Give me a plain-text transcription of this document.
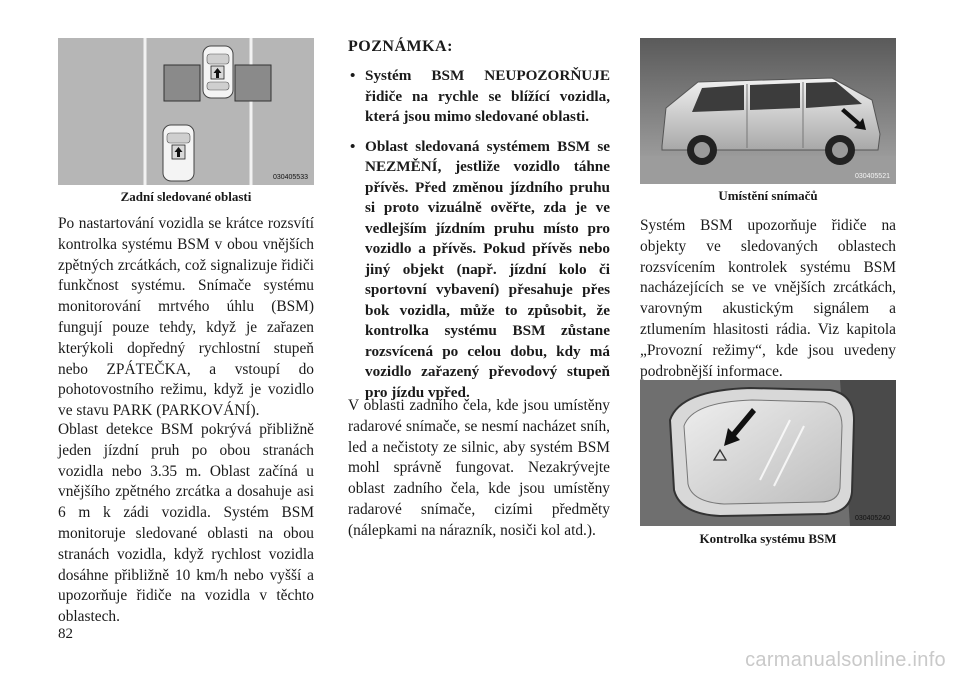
030405533
Zadní sledované oblasti

Po nastartování vozidla se krátce rozsvítí kontrolka systému BSM v obou vnějších zpětných zrcátkách, což signalizuje řidiči funkčnost systému. Snímače systému monitorování mrtvého úhlu (BSM) fungují pouze tehdy, když je zařazen kterýkoli dopředný rychlostní stupeň nebo ZPÁTEČKA, a vstoupí do pohotovostního režimu, když je vozidlo ve stavu PARK (PARKOVÁNÍ).

Oblast detekce BSM pokrývá přibližně jeden jízdní pruh po obou stranách vozidla nebo 3.35 m. Oblast začíná u vnějšího zpětného zrcátka a dosahuje asi 6 m k zádi vozidla. Systém BSM monitoruje sledované oblasti na obou stranách vozidla, když rychlost vozidla dosáhne přibližně 10 km/h nebo vyšší a upozorňuje řidiče na vozidla v těchto oblastech.

POZNÁMKA:
• Systém BSM NEUPOZORŇUJE řidiče na rychle se blížící vozidla, která jsou mimo sledované oblasti.
• Oblast sledovaná systémem BSM se NEZMĚNÍ, jestliže vozidlo táhne přívěs. Před změnou jízdního pruhu si proto vizuálně ověřte, zda je ve vedlejším jízdním pruhu místo pro vozidlo a přívěs. Pokud přívěs nebo jiný objekt (např. jízdní kolo či sportovní vybavení) přesahuje přes bok vozidla, může to způsobit, že kontrolka systému BSM zůstane rozsvícená po celou dobu, kdy má vozidlo zařazený převodový stupeň pro jízdu vpřed.

V oblasti zadního čela, kde jsou umístěny radarové snímače, se nesmí nacházet sníh, led a nečistoty ze silnic, aby systém BSM mohl správně fungovat. Nezakrývejte oblast zadního čela, kde jsou umístěny radarové snímače, cizími předměty (nálepkami na nárazník, nosiči kol atd.).

030405521
Umístění snímačů

Systém BSM upozorňuje řidiče na objekty ve sledovaných oblastech rozsvícením kontrolek systému BSM nacházejících se ve vnějších zrcátkách, varovným akustickým signálem a ztlumením hlasitosti rádia. Viz kapitola „Provozní režimy“, kde jsou uvedeny podrobnější informace.

030405240
Kontrolka systému BSM
82
carmanualsonline.info
